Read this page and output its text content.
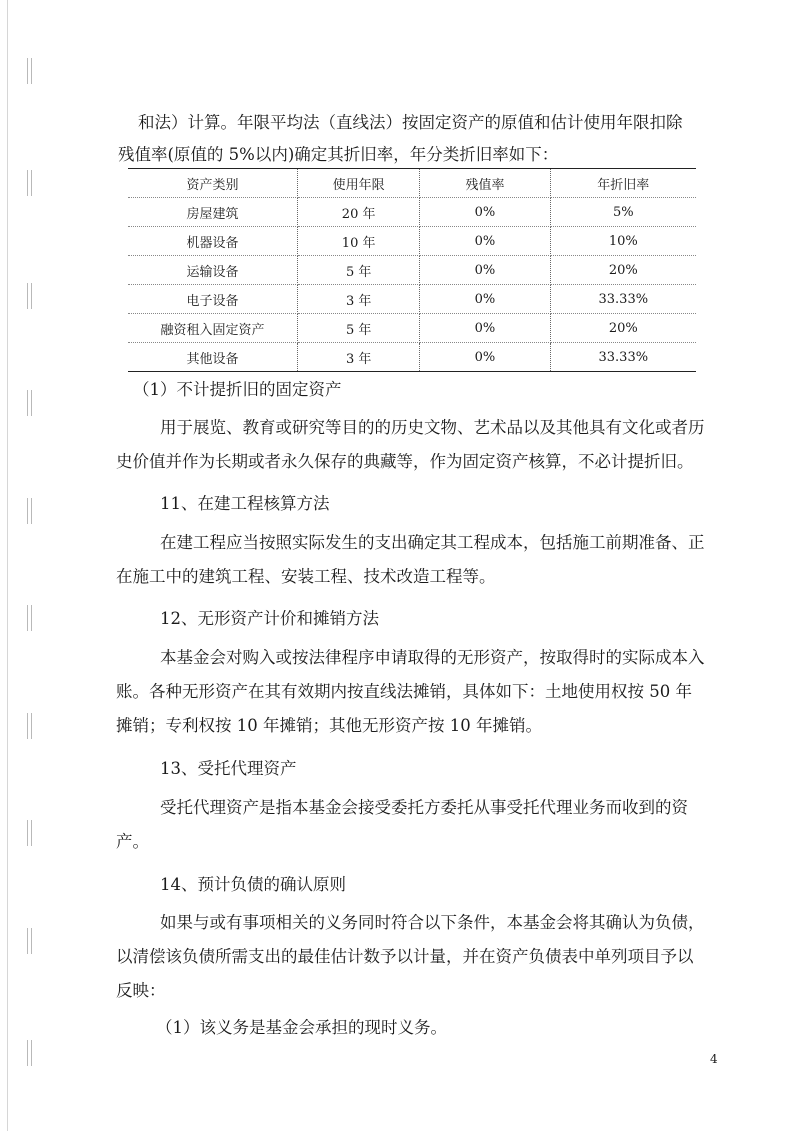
和法）计算。年限平均法（直线法）按固定资产的原值和估计使用年限扣除
残值率(原值的 5%以内)确定其折旧率，年分类折旧率如下：
资产类别	使用年限	残值率	年折旧率
房屋建筑	20 年	0%	5%
机器设备	10 年	0%	10%
运输设备	5 年	0%	20%
电子设备	3 年	0%	33.33%
融资租入固定资产	5 年	0%	20%
其他设备	3 年	0%	33.33%
（1）不计提折旧的固定资产
用于展览、教育或研究等目的的历史文物、艺术品以及其他具有文化或者历
史价值并作为长期或者永久保存的典藏等，作为固定资产核算，不必计提折旧。
11、在建工程核算方法
在建工程应当按照实际发生的支出确定其工程成本，包括施工前期准备、正
在施工中的建筑工程、安装工程、技术改造工程等。
12、无形资产计价和摊销方法
本基金会对购入或按法律程序申请取得的无形资产，按取得时的实际成本入
账。各种无形资产在其有效期内按直线法摊销，具体如下：土地使用权按 50 年
摊销；专利权按 10 年摊销；其他无形资产按 10 年摊销。
13、受托代理资产
受托代理资产是指本基金会接受委托方委托从事受托代理业务而收到的资
产。
14、预计负债的确认原则
如果与或有事项相关的义务同时符合以下条件，本基金会将其确认为负债，
以清偿该负债所需支出的最佳估计数予以计量，并在资产负债表中单列项目予以
反映：
（1）该义务是基金会承担的现时义务。
4
